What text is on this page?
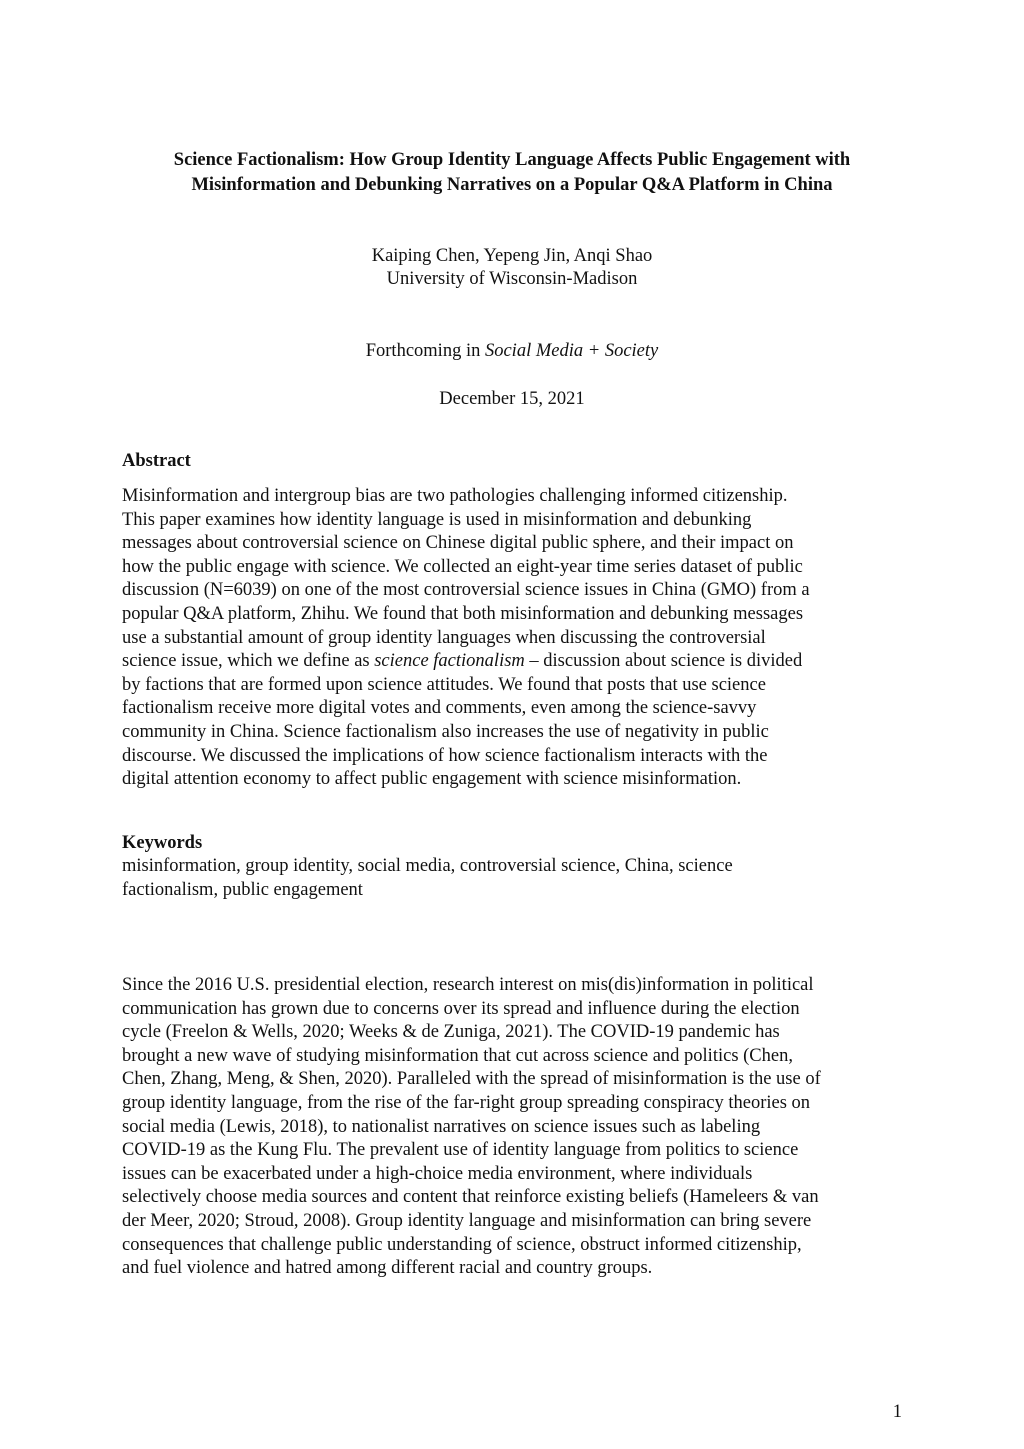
Science Factionalism: How Group Identity Language Affects Public Engagement with
Misinformation and Debunking Narratives on a Popular Q&A Platform in China
Kaiping Chen, Yepeng Jin, Anqi Shao
University of Wisconsin-Madison
Forthcoming in Social Media + Society
December 15, 2021
Abstract
Misinformation and intergroup bias are two pathologies challenging informed citizenship.
This paper examines how identity language is used in misinformation and debunking
messages about controversial science on Chinese digital public sphere, and their impact on
how the public engage with science. We collected an eight-year time series dataset of public
discussion (N=6039) on one of the most controversial science issues in China (GMO) from a
popular Q&A platform, Zhihu. We found that both misinformation and debunking messages
use a substantial amount of group identity languages when discussing the controversial
science issue, which we define as science factionalism – discussion about science is divided
by factions that are formed upon science attitudes. We found that posts that use science
factionalism receive more digital votes and comments, even among the science-savvy
community in China. Science factionalism also increases the use of negativity in public
discourse. We discussed the implications of how science factionalism interacts with the
digital attention economy to affect public engagement with science misinformation.
Keywords
misinformation, group identity, social media, controversial science, China, science
factionalism, public engagement
Since the 2016 U.S. presidential election, research interest on mis(dis)information in political
communication has grown due to concerns over its spread and influence during the election
cycle (Freelon & Wells, 2020; Weeks & de Zuniga, 2021). The COVID-19 pandemic has
brought a new wave of studying misinformation that cut across science and politics (Chen,
Chen, Zhang, Meng, & Shen, 2020). Paralleled with the spread of misinformation is the use of
group identity language, from the rise of the far-right group spreading conspiracy theories on
social media (Lewis, 2018), to nationalist narratives on science issues such as labeling
COVID-19 as the Kung Flu. The prevalent use of identity language from politics to science
issues can be exacerbated under a high-choice media environment, where individuals
selectively choose media sources and content that reinforce existing beliefs (Hameleers & van
der Meer, 2020; Stroud, 2008). Group identity language and misinformation can bring severe
consequences that challenge public understanding of science, obstruct informed citizenship,
and fuel violence and hatred among different racial and country groups.
1
